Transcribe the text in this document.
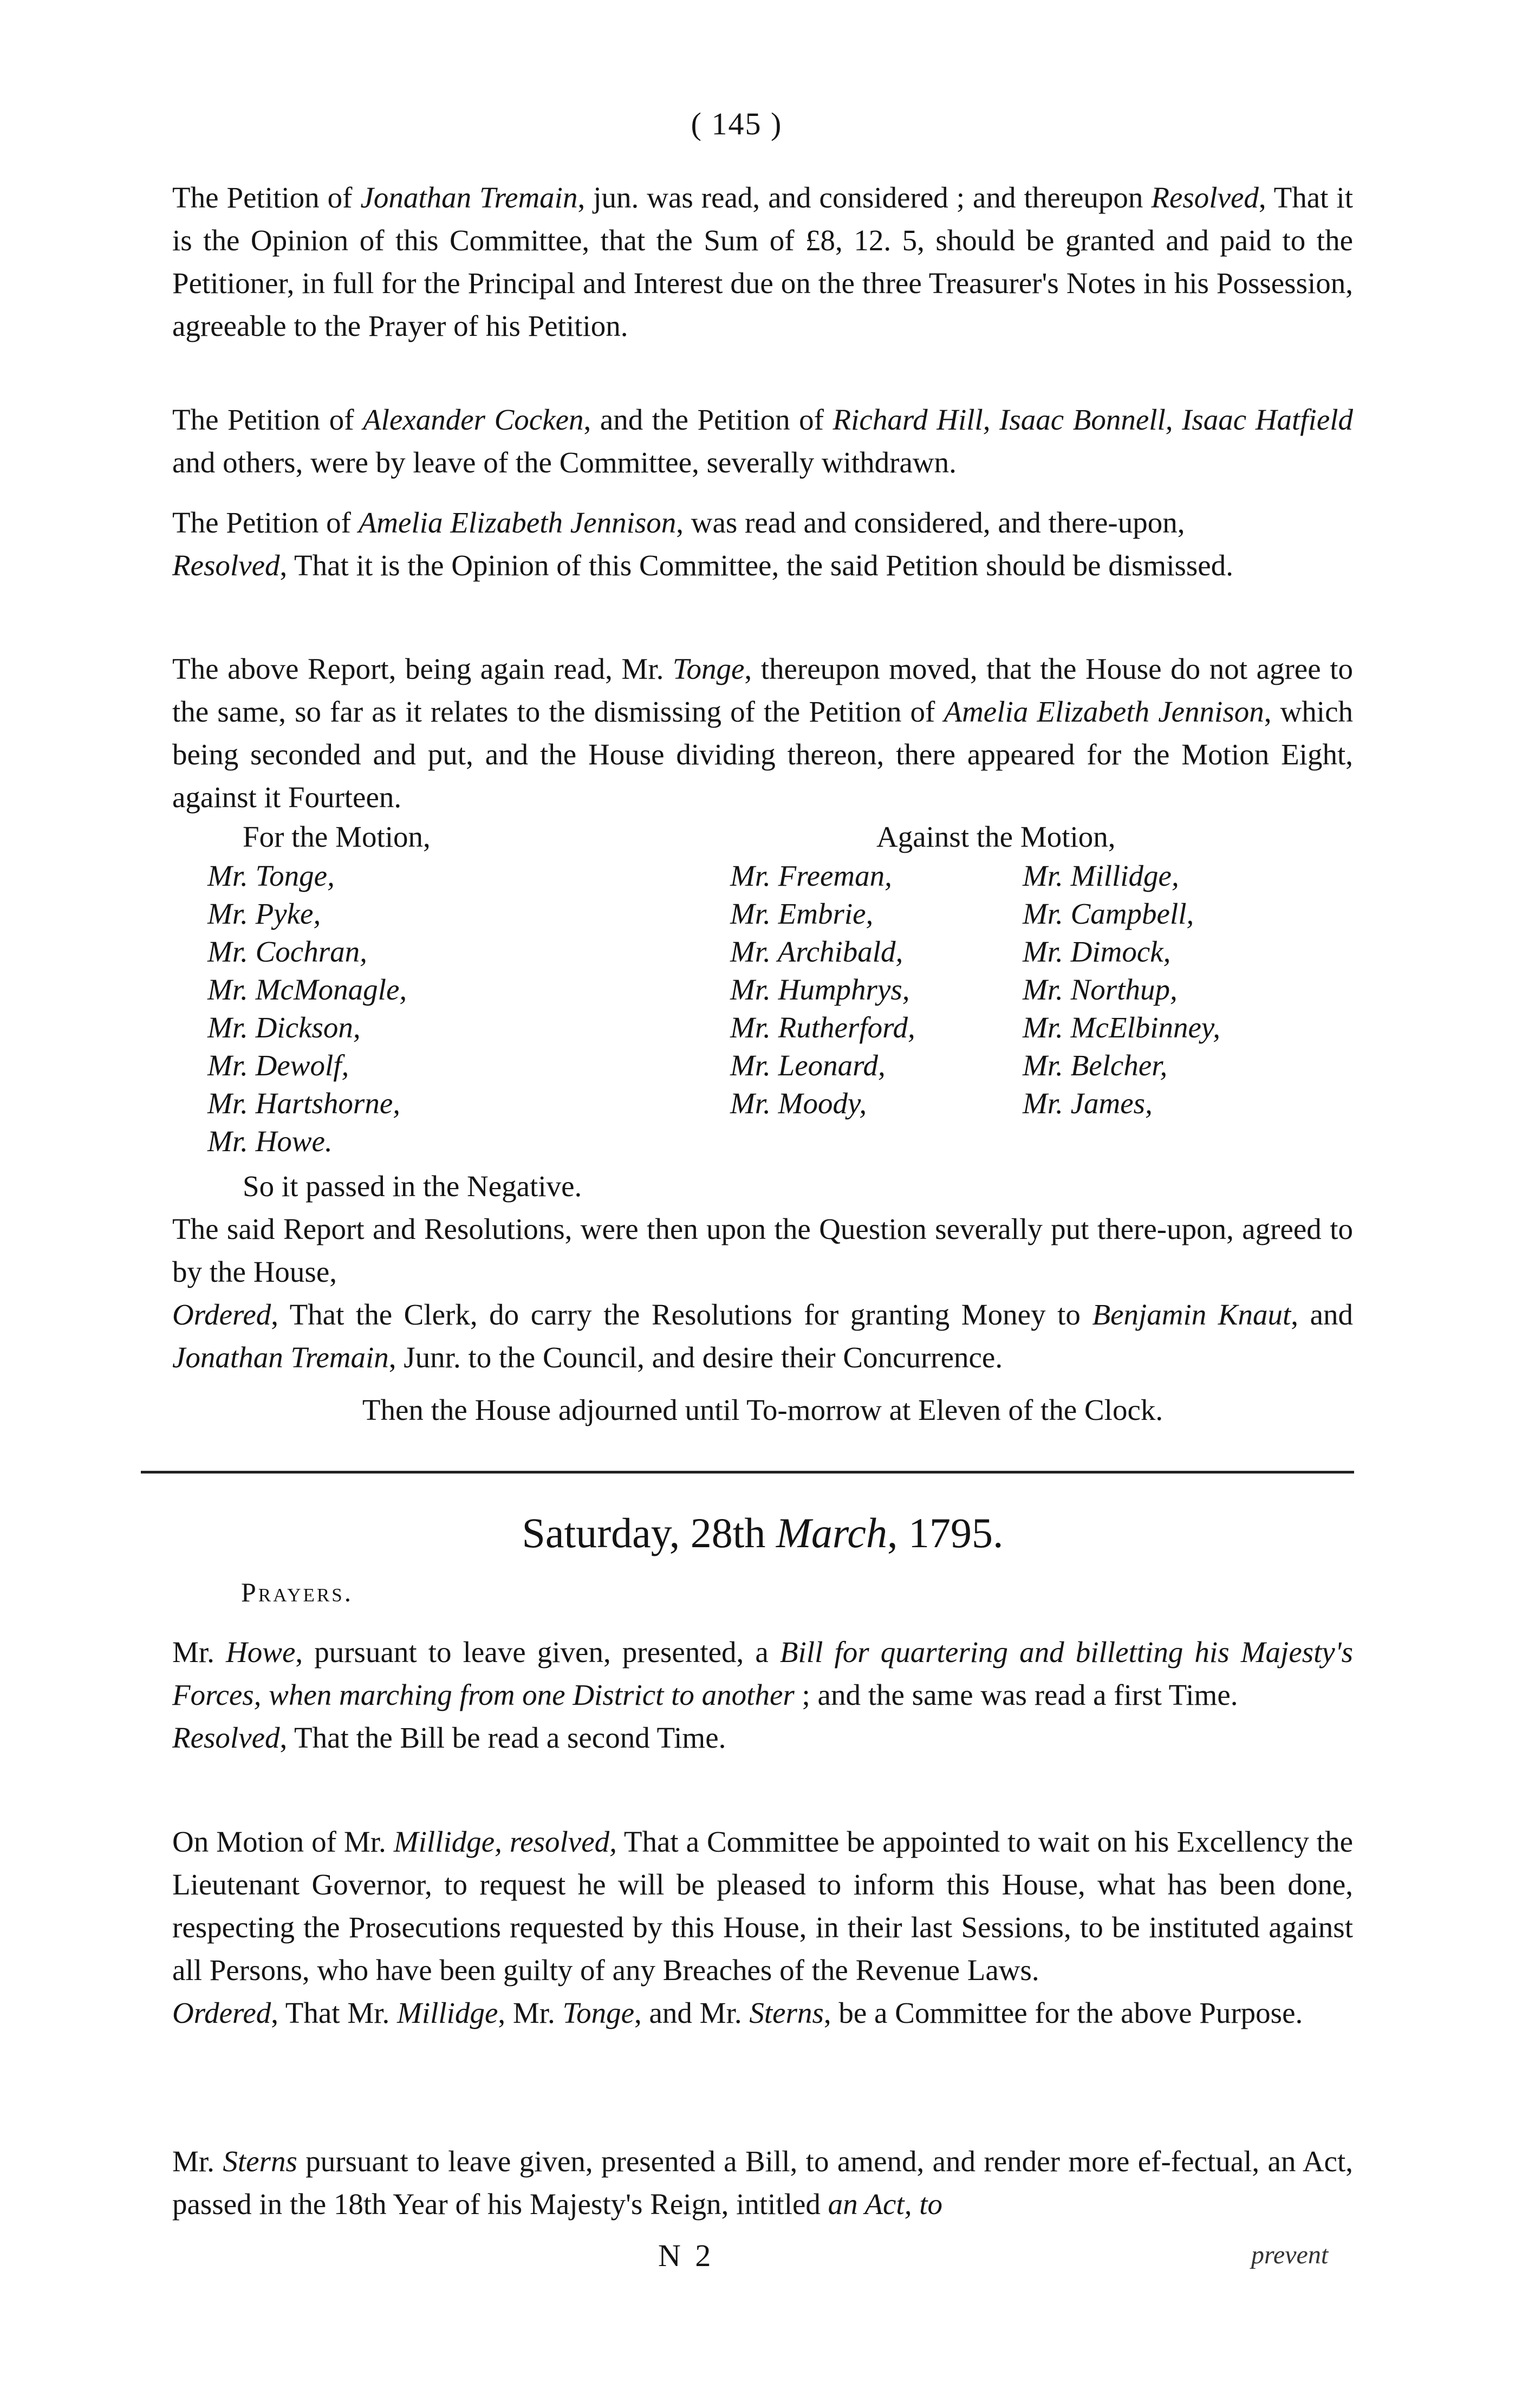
( 145 )

The Petition of Jonathan Tremain, jun. was read, and considered ; and thereupon Resolved, That it is the Opinion of this Committee, that the Sum of £8, 12. 5, should be granted and paid to the Petitioner, in full for the Principal and Interest due on the three Treasurer's Notes in his Possession, agreeable to the Prayer of his Petition.

The Petition of Alexander Cocken, and the Petition of Richard Hill, Isaac Bonnell, Isaac Hatfield and others, were by leave of the Committee, severally withdrawn.

The Petition of Amelia Elizabeth Jennison, was read and considered, and there-upon,

Resolved, That it is the Opinion of this Committee, the said Petition should be dismissed.

The above Report, being again read, Mr. Tonge, thereupon moved, that the House do not agree to the same, so far as it relates to the dismissing of the Petition of Amelia Elizabeth Jennison, which being seconded and put, and the House dividing thereon, there appeared for the Motion Eight, against it Fourteen.

For the Motion,	Against the Motion,
Mr. Tonge,
Mr. Pyke,
Mr. Cochran,
Mr. McMonagle,
Mr. Dickson,
Mr. Dewolf,
Mr. Hartshorne,
Mr. Howe.
Mr. Freeman,
Mr. Embrie,
Mr. Archibald,
Mr. Humphrys,
Mr. Rutherford,
Mr. Leonard,
Mr. Moody,
Mr. Millidge,
Mr. Campbell,
Mr. Dimock,
Mr. Northup,
Mr. McElbinney,
Mr. Belcher,
Mr. James,

So it passed in the Negative.

The said Report and Resolutions, were then upon the Question severally put there-upon, agreed to by the House,

Ordered, That the Clerk, do carry the Resolutions for granting Money to Benjamin Knaut, and Jonathan Tremain, Junr. to the Council, and desire their Concurrence.

Then the House adjourned until To-morrow at Eleven of the Clock.

Saturday, 28th March, 1795.
Prayers.

Mr. Howe, pursuant to leave given, presented, a Bill for quartering and billetting his Majesty's Forces, when marching from one District to another ; and the same was read a first Time.

Resolved, That the Bill be read a second Time.

On Motion of Mr. Millidge, resolved, That a Committee be appointed to wait on his Excellency the Lieutenant Governor, to request he will be pleased to inform this House, what has been done, respecting the Prosecutions requested by this House, in their last Sessions, to be instituted against all Persons, who have been guilty of any Breaches of the Revenue Laws.

Ordered, That Mr. Millidge, Mr. Tonge, and Mr. Sterns, be a Committee for the above Purpose.

Mr. Sterns pursuant to leave given, presented a Bill, to amend, and render more ef-fectual, an Act, passed in the 18th Year of his Majesty's Reign, intitled an Act, to

N 2	prevent
